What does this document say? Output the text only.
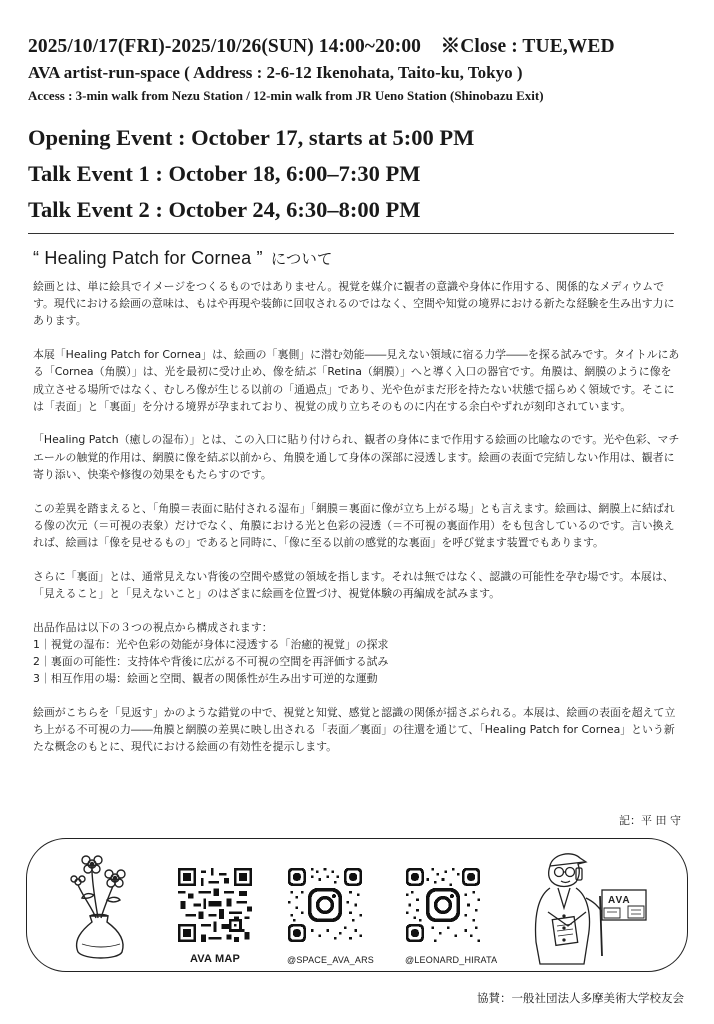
2025/10/17(FRI)-2025/10/26(SUN) 14:00~20:00　※Close : TUE,WED
AVA artist-run-space ( Address : 2-6-12 Ikenohata, Taito-ku, Tokyo )
Access : 3-min walk from Nezu Station / 12-min walk from JR Ueno Station (Shinobazu Exit)
Opening Event : October 17, starts at 5:00 PM
Talk Event 1 : October 18, 6:00–7:30 PM
Talk Event 2 : October 24, 6:30–8:00 PM
“ Healing Patch for Cornea ” について

絵画とは、単に絵具でイメージをつくるものではありません。視覚を媒介に観者の意識や身体に作用する、関係的なメディウムです。現代における絵画の意味は、もはや再現や装飾に回収されるのではなく、空間や知覚の境界における新たな経験を生み出す力にあります。

本展「Healing Patch for Cornea」は、絵画の「裏側」に潜む効能――見えない領域に宿る力学――を探る試みです。タイトルにある「Cornea（角膜）」は、光を最初に受け止め、像を結ぶ「Retina（網膜）」へと導く入口の器官です。角膜は、網膜のように像を成立させる場所ではなく、むしろ像が生じる以前の「通過点」であり、光や色がまだ形を持たない状態で揺らめく領域です。そこには「表面」と「裏面」を分ける境界が孕まれており、視覚の成り立ちそのものに内在する余白やずれが刻印されています。

「Healing Patch（癒しの湿布）」とは、この入口に貼り付けられ、観者の身体にまで作用する絵画の比喩なのです。光や色彩、マチエールの触覚的作用は、網膜に像を結ぶ以前から、角膜を通して身体の深部に浸透します。絵画の表面で完結しない作用は、観者に寄り添い、快楽や修復の効果をもたらすのです。

この差異を踏まえると、「角膜＝表面に貼付される湿布」「網膜＝裏面に像が立ち上がる場」とも言えます。絵画は、網膜上に結ばれる像の次元（＝可視の表象）だけでなく、角膜における光と色彩の浸透（＝不可視の裏面作用）をも包含しているのです。言い換えれば、絵画は「像を見せるもの」であると同時に、「像に至る以前の感覚的な裏面」を呼び覚ます装置でもあります。

さらに「裏面」とは、通常見えない背後の空間や感覚の領域を指します。それは無ではなく、認識の可能性を孕む場です。本展は、「見えること」と「見えないこと」のはざまに絵画を位置づけ、視覚体験の再編成を試みます。

出品作品は以下の３つの視点から構成されます：
1｜視覚の湿布：光や色彩の効能が身体に浸透する「治癒的視覚」の探求
2｜裏面の可能性：支持体や背後に広がる不可視の空間を再評価する試み
3｜相互作用の場：絵画と空間、観者の関係性が生み出す可逆的な運動

絵画がこちらを「見返す」かのような錯覚の中で、視覚と知覚、感覚と認識の関係が揺さぶられる。本展は、絵画の表面を超えて立ち上がる不可視の力――角膜と網膜の差異に映し出される「表面／裏面」の往還を通じて、「Healing Patch for Cornea」という新たな概念のもとに、現代における絵画の有効性を提示します。

記：平 田 守
AVA MAP	@SPACE_AVA_ARS	@LEONARD_HIRATA
AVA
協賛：一般社団法人多摩美術大学校友会
